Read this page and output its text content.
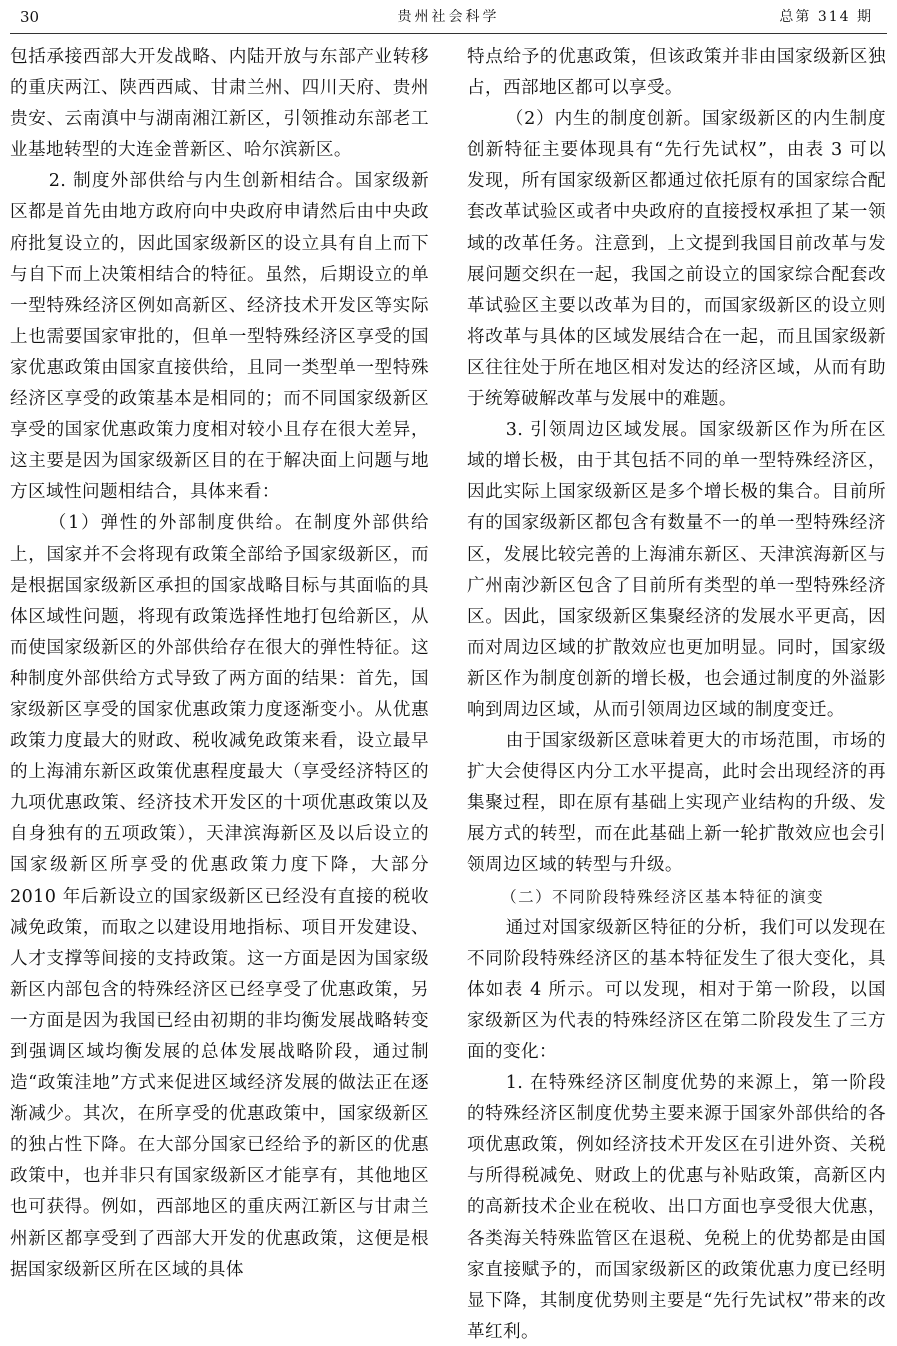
30	贵州社会科学	总第 314 期

包括承接西部大开发战略、内陆开放与东部产业转移的重庆两江、陕西西咸、甘肃兰州、四川天府、贵州贵安、云南滇中与湖南湘江新区，引领推动东部老工业基地转型的大连金普新区、哈尔滨新区。

2. 制度外部供给与内生创新相结合。国家级新区都是首先由地方政府向中央政府申请然后由中央政府批复设立的，因此国家级新区的设立具有自上而下与自下而上决策相结合的特征。虽然，后期设立的单一型特殊经济区例如高新区、经济技术开发区等实际上也需要国家审批的，但单一型特殊经济区享受的国家优惠政策由国家直接供给，且同一类型单一型特殊经济区享受的政策基本是相同的；而不同国家级新区享受的国家优惠政策力度相对较小且存在很大差异，这主要是因为国家级新区目的在于解决面上问题与地方区域性问题相结合，具体来看：

（1）弹性的外部制度供给。在制度外部供给上，国家并不会将现有政策全部给予国家级新区，而是根据国家级新区承担的国家战略目标与其面临的具体区域性问题，将现有政策选择性地打包给新区，从而使国家级新区的外部供给存在很大的弹性特征。这种制度外部供给方式导致了两方面的结果：首先，国家级新区享受的国家优惠政策力度逐渐变小。从优惠政策力度最大的财政、税收减免政策来看，设立最早的上海浦东新区政策优惠程度最大（享受经济特区的九项优惠政策、经济技术开发区的十项优惠政策以及自身独有的五项政策），天津滨海新区及以后设立的国家级新区所享受的优惠政策力度下降，大部分 2010 年后新设立的国家级新区已经没有直接的税收减免政策，而取之以建设用地指标、项目开发建设、人才支撑等间接的支持政策。这一方面是因为国家级新区内部包含的特殊经济区已经享受了优惠政策，另一方面是因为我国已经由初期的非均衡发展战略转变到强调区域均衡发展的总体发展战略阶段，通过制造“政策洼地”方式来促进区域经济发展的做法正在逐渐减少。其次，在所享受的优惠政策中，国家级新区的独占性下降。在大部分国家已经给予的新区的优惠政策中，也并非只有国家级新区才能享有，其他地区也可获得。例如，西部地区的重庆两江新区与甘肃兰州新区都享受到了西部大开发的优惠政策，这便是根据国家级新区所在区域的具体

特点给予的优惠政策，但该政策并非由国家级新区独占，西部地区都可以享受。

（2）内生的制度创新。国家级新区的内生制度创新特征主要体现具有“先行先试权”，由表 3 可以发现，所有国家级新区都通过依托原有的国家综合配套改革试验区或者中央政府的直接授权承担了某一领域的改革任务。注意到，上文提到我国目前改革与发展问题交织在一起，我国之前设立的国家综合配套改革试验区主要以改革为目的，而国家级新区的设立则将改革与具体的区域发展结合在一起，而且国家级新区往往处于所在地区相对发达的经济区域，从而有助于统筹破解改革与发展中的难题。

3. 引领周边区域发展。国家级新区作为所在区域的增长极，由于其包括不同的单一型特殊经济区，因此实际上国家级新区是多个增长极的集合。目前所有的国家级新区都包含有数量不一的单一型特殊经济区，发展比较完善的上海浦东新区、天津滨海新区与广州南沙新区包含了目前所有类型的单一型特殊经济区。因此，国家级新区集聚经济的发展水平更高，因而对周边区域的扩散效应也更加明显。同时，国家级新区作为制度创新的增长极，也会通过制度的外溢影响到周边区域，从而引领周边区域的制度变迁。

由于国家级新区意味着更大的市场范围，市场的扩大会使得区内分工水平提高，此时会出现经济的再集聚过程，即在原有基础上实现产业结构的升级、发展方式的转型，而在此基础上新一轮扩散效应也会引领周边区域的转型与升级。

（二）不同阶段特殊经济区基本特征的演变

通过对国家级新区特征的分析，我们可以发现在不同阶段特殊经济区的基本特征发生了很大变化，具体如表 4 所示。可以发现，相对于第一阶段，以国家级新区为代表的特殊经济区在第二阶段发生了三方面的变化：

1. 在特殊经济区制度优势的来源上，第一阶段的特殊经济区制度优势主要来源于国家外部供给的各项优惠政策，例如经济技术开发区在引进外资、关税与所得税减免、财政上的优惠与补贴政策，高新区内的高新技术企业在税收、出口方面也享受很大优惠，各类海关特殊监管区在退税、免税上的优势都是由国家直接赋予的，而国家级新区的政策优惠力度已经明显下降，其制度优势则主要是“先行先试权”带来的改革红利。
